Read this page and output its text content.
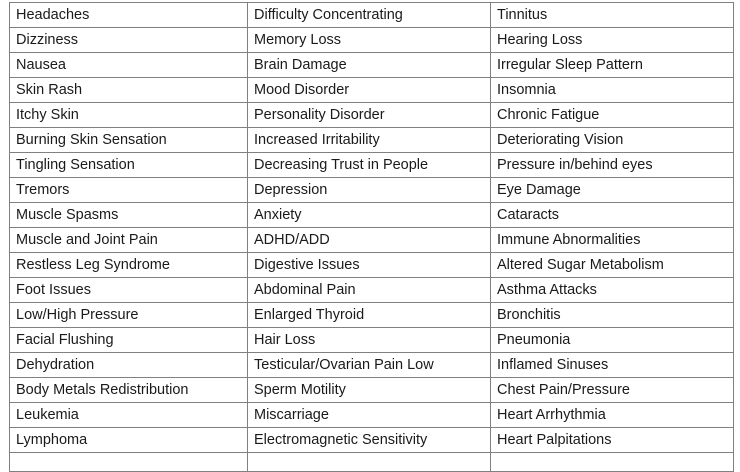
Headaches	Difficulty Concentrating	Tinnitus
Dizziness	Memory Loss	Hearing Loss
Nausea	Brain Damage	Irregular Sleep Pattern
Skin Rash	Mood Disorder	Insomnia
Itchy Skin	Personality Disorder	Chronic Fatigue
Burning Skin Sensation	Increased Irritability	Deteriorating Vision
Tingling Sensation	Decreasing Trust in People	Pressure in/behind eyes
Tremors	Depression	Eye Damage
Muscle Spasms	Anxiety	Cataracts
Muscle and Joint Pain	ADHD/ADD	Immune Abnormalities
Restless Leg Syndrome	Digestive Issues	Altered Sugar Metabolism
Foot Issues	Abdominal Pain	Asthma Attacks
Low/High Pressure	Enlarged Thyroid	Bronchitis
Facial Flushing	Hair Loss	Pneumonia
Dehydration	Testicular/Ovarian Pain Low	Inflamed Sinuses
Body Metals Redistribution	Sperm Motility	Chest Pain/Pressure
Leukemia	Miscarriage	Heart Arrhythmia
Lymphoma	Electromagnetic Sensitivity	Heart Palpitations
